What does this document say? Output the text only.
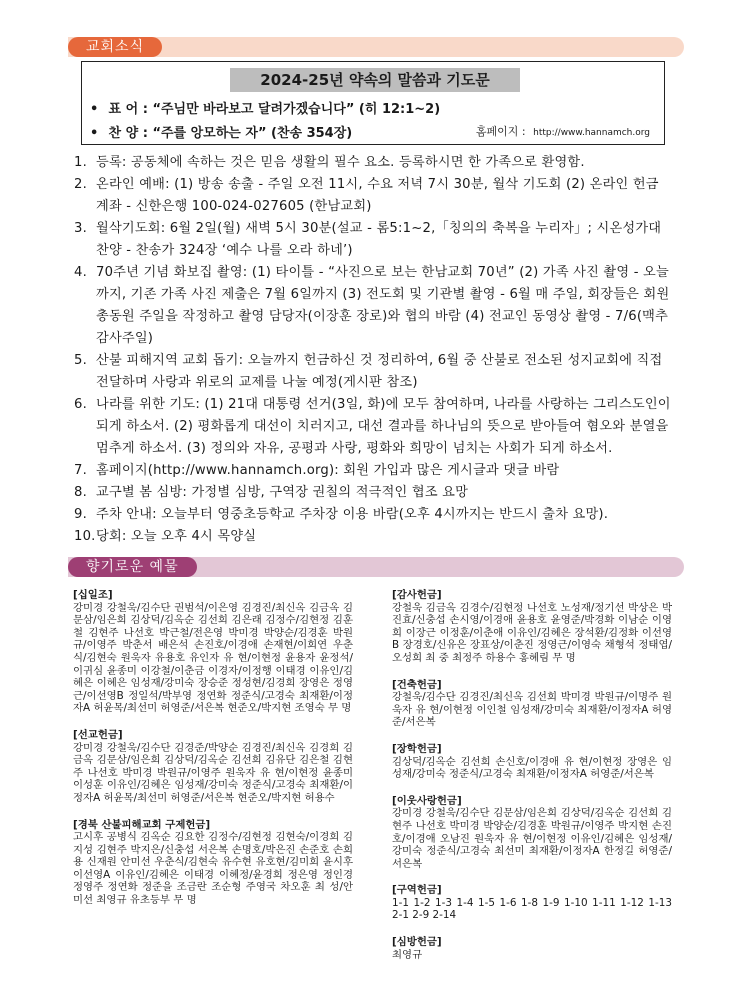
교회소식
2024-25년 약속의 말씀과 기도문
• 표 어 : “주님만 바라보고 달려가겠습니다” (히 12:1~2)
• 찬 양 : “주를 앙모하는 자” (찬송 354장)	홈페이지 : http://www.hannamch.org
1. 등록: 공동체에 속하는 것은 믿음 생활의 필수 요소. 등록하시면 한 가족으로 환영함.
2. 온라인 예배: (1) 방송 송출 - 주일 오전 11시, 수요 저녁 7시 30분, 월삭 기도회 (2) 온라인 헌금 계좌 - 신한은행 100-024-027605 (한남교회)
3. 월삭기도회: 6월 2일(월) 새벽 5시 30분(설교 - 롬5:1~2,「칭의의 축복을 누리자」; 시온성가대 찬양 - 찬송가 324장 ‘예수 나를 오라 하네’)
4. 70주년 기념 화보집 촬영: (1) 타이틀 - “사진으로 보는 한남교회 70년” (2) 가족 사진 촬영 - 오늘까지, 기존 가족 사진 제출은 7월 6일까지 (3) 전도회 및 기관별 촬영 - 6월 매 주일, 회장들은 회원 총동원 주일을 작정하고 촬영 담당자(이장훈 장로)와 협의 바람 (4) 전교인 동영상 촬영 - 7/6(맥추감사주일)
5. 산불 피해지역 교회 돕기: 오늘까지 헌금하신 것 정리하여, 6월 중 산불로 전소된 성지교회에 직접 전달하며 사랑과 위로의 교제를 나눌 예정(게시판 참조)
6. 나라를 위한 기도: (1) 21대 대통령 선거(3일, 화)에 모두 참여하며, 나라를 사랑하는 그리스도인이 되게 하소서. (2) 평화롭게 대선이 치러지고, 대선 결과를 하나님의 뜻으로 받아들여 혐오와 분열을 멈추게 하소서. (3) 정의와 자유, 공평과 사랑, 평화와 희망이 넘치는 사회가 되게 하소서.
7. 홈페이지(http://www.hannamch.org): 회원 가입과 많은 게시글과 댓글 바람
8. 교구별 봄 심방: 가정별 심방, 구역장 권칠의 적극적인 협조 요망
9. 주차 안내: 오늘부터 영중초등학교 주차장 이용 바람(오후 4시까지는 반드시 출차 요망).
10.당회: 오늘 오후 4시 목양실
향기로운 예물
[십일조]
강미경 강철욱/김수단 권범석/이은영 김경진/최신옥 김금옥 김문삼/임은희 김상덕/김옥순 김선희 김은래 김정수/김현정 김훈철 김현주 나선호 박근철/전은영 박미경 박양순/김경훈 박원규/이영주 박춘서 배은석 손진호/이경애 손재현/이희연 우춘식/김현숙 원욱자 유용호 유인자 유 현/이현정 윤용자 윤정석/이귀심 윤종미 이강철/이춘금 이경자/이정행 이태경 이유인/김혜은 이혜은 임성재/강미숙 장승준 정성현/김경희 장영은 정영근/이선영B 정일석/박부영 정연화 정준식/고경숙 최재환/이정자A 허윤목/최선미 허영준/서은복 현준오/박지현 조영숙 무 명
[선교헌금]
강미경 강철욱/김수단 김경준/박양순 김경진/최신옥 김경희 김금옥 김문삼/임은희 김상덕/김옥순 김선희 김유단 김은철 김현주 나선호 박미경 박원규/이영주 원욱자 유 현/이현정 윤종미 이성훈 이유인/김혜은 임성재/강미숙 정준식/고경숙 최재환/이정자A 허윤목/최선미 허영준/서은복 현준오/박지현 허용수
[경북 산불피해교회 구제헌금]
고시후 공병식 김옥순 김요한 김정수/김현정 김현숙/이경희 김지성 김현주 박지은/신충섭 서은복 손명호/박은진 손준호 손희용 신재원 안미선 우춘식/김현숙 유수현 유호현/김미희 윤시후 이선영A 이유인/김혜은 이태경 이혜정/윤경희 정은영 정인경 정영주 정연화 정준을 조금란 조순형 주영국 차오훈 최 성/안미선 최영규 유초등부 무 명
[감사헌금]
강철욱 김금옥 김경수/김현정 나선호 노성재/정기선 박상은 박진효/신충섭 손시영/이경애 윤용호 윤영준/박경화 이남순 이영희 이장근 이정훈/이춘애 이유인/김혜은 장석환/김정화 이선영B 장경호/신유은 장표상/이춘진 정영근/이영숙 채형석 정태엽/오성희 최 중 최정주 하용수 홍혜림 무 명
[건축헌금]
강철욱/김수단 김경진/최신옥 김선희 박미경 박원규/이명주 원욱자 유 현/이현정 이인철 임성재/강미숙 최재환/이정자A 허영준/서은복
[장학헌금]
김상덕/김옥순 김선희 손신호/이경애 유 현/이현정 장영은 임성재/강미숙 정준식/고경숙 최재환/이정자A 허영준/서은복
[이웃사랑헌금]
강미경 강철욱/김수단 김문삼/임은희 김상덕/김옥순 김선희 김현주 나선호 박미경 박양순/김경훈 박원규/이영주 박지현 손진호/이경애 오남진 원욱자 유 현/이현정 이유인/김혜은 임성재/강미숙 정준식/고경숙 최선미 최재환/이정자A 한정길 허영준/서은복
[구역헌금]
1-1 1-2 1-3 1-4 1-5 1-6 1-8 1-9 1-10 1-11 1-12 1-13 2-1 2-9 2-14
[심방헌금]
최영규
